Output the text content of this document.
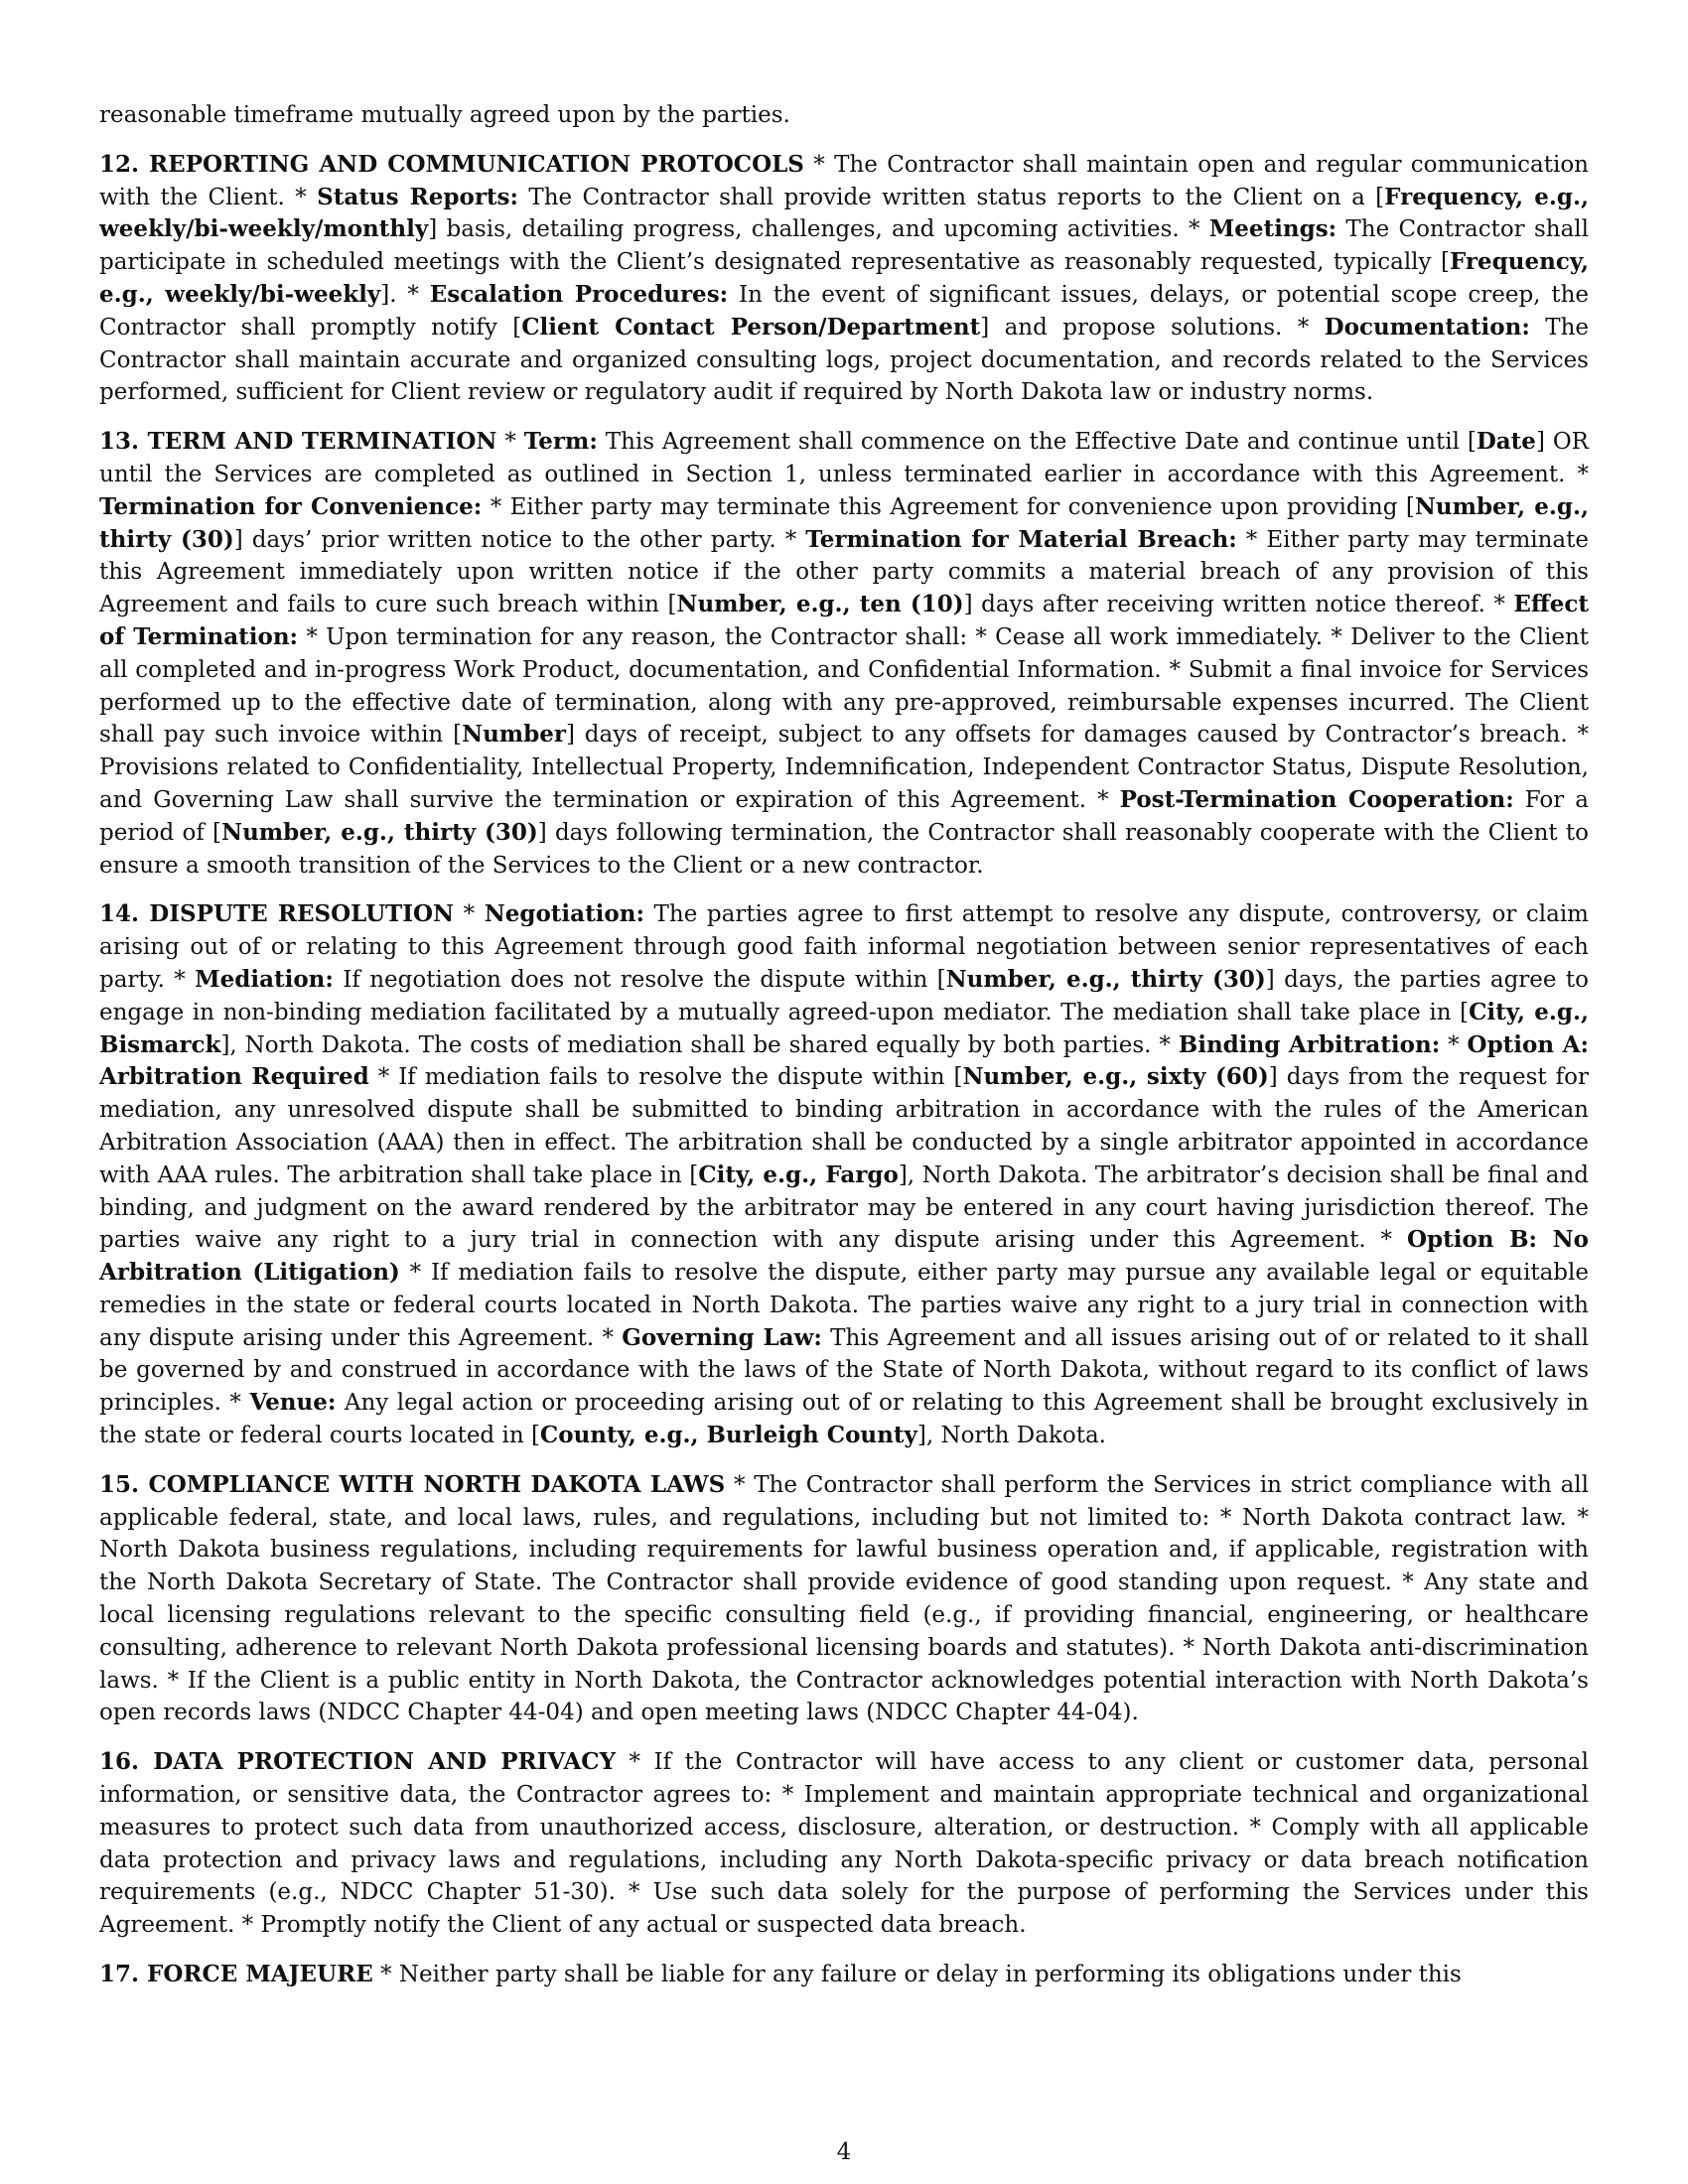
reasonable timeframe mutually agreed upon by the parties.

12. REPORTING AND COMMUNICATION PROTOCOLS * The Contractor shall maintain open and regular communication with the Client. * Status Reports: The Contractor shall provide written status reports to the Client on a [Frequency, e.g., weekly/bi-weekly/monthly] basis, detailing progress, challenges, and upcoming activities. * Meetings: The Contractor shall participate in scheduled meetings with the Client’s designated representative as reasonably requested, typically [Frequency, e.g., weekly/bi-weekly]. * Escalation Procedures: In the event of significant issues, delays, or potential scope creep, the Contractor shall promptly notify [Client Contact Person/Department] and propose solutions. * Documentation: The Contractor shall maintain accurate and organized consulting logs, project documentation, and records related to the Services performed, sufficient for Client review or regulatory audit if required by North Dakota law or industry norms.

13. TERM AND TERMINATION * Term: This Agreement shall commence on the Effective Date and continue until [Date] OR until the Services are completed as outlined in Section 1, unless terminated earlier in accordance with this Agreement. * Termination for Convenience: * Either party may terminate this Agreement for convenience upon providing [Number, e.g., thirty (30)] days’ prior written notice to the other party. * Termination for Material Breach: * Either party may terminate this Agreement immediately upon written notice if the other party commits a material breach of any provision of this Agreement and fails to cure such breach within [Number, e.g., ten (10)] days after receiving written notice thereof. * Effect of Termination: * Upon termination for any reason, the Contractor shall: * Cease all work immediately. * Deliver to the Client all completed and in-progress Work Product, documentation, and Confidential Information. * Submit a final invoice for Services performed up to the effective date of termination, along with any pre-approved, reimbursable expenses incurred. The Client shall pay such invoice within [Number] days of receipt, subject to any offsets for damages caused by Contractor’s breach. * Provisions related to Confidentiality, Intellectual Property, Indemnification, Independent Contractor Status, Dispute Resolution, and Governing Law shall survive the termination or expiration of this Agreement. * Post-Termination Cooperation: For a period of [Number, e.g., thirty (30)] days following termination, the Contractor shall reasonably cooperate with the Client to ensure a smooth transition of the Services to the Client or a new contractor.

14. DISPUTE RESOLUTION * Negotiation: The parties agree to first attempt to resolve any dispute, controversy, or claim arising out of or relating to this Agreement through good faith informal negotiation between senior representatives of each party. * Mediation: If negotiation does not resolve the dispute within [Number, e.g., thirty (30)] days, the parties agree to engage in non-binding mediation facilitated by a mutually agreed-upon mediator. The mediation shall take place in [City, e.g., Bismarck], North Dakota. The costs of mediation shall be shared equally by both parties. * Binding Arbitration: * Option A: Arbitration Required * If mediation fails to resolve the dispute within [Number, e.g., sixty (60)] days from the request for mediation, any unresolved dispute shall be submitted to binding arbitration in accordance with the rules of the American Arbitration Association (AAA) then in effect. The arbitration shall be conducted by a single arbitrator appointed in accordance with AAA rules. The arbitration shall take place in [City, e.g., Fargo], North Dakota. The arbitrator’s decision shall be final and binding, and judgment on the award rendered by the arbitrator may be entered in any court having jurisdiction thereof. The parties waive any right to a jury trial in connection with any dispute arising under this Agreement. * Option B: No Arbitration (Litigation) * If mediation fails to resolve the dispute, either party may pursue any available legal or equitable remedies in the state or federal courts located in North Dakota. The parties waive any right to a jury trial in connection with any dispute arising under this Agreement. * Governing Law: This Agreement and all issues arising out of or related to it shall be governed by and construed in accordance with the laws of the State of North Dakota, without regard to its conflict of laws principles. * Venue: Any legal action or proceeding arising out of or relating to this Agreement shall be brought exclusively in the state or federal courts located in [County, e.g., Burleigh County], North Dakota.

15. COMPLIANCE WITH NORTH DAKOTA LAWS * The Contractor shall perform the Services in strict compliance with all applicable federal, state, and local laws, rules, and regulations, including but not limited to: * North Dakota contract law. * North Dakota business regulations, including requirements for lawful business operation and, if applicable, registration with the North Dakota Secretary of State. The Contractor shall provide evidence of good standing upon request. * Any state and local licensing regulations relevant to the specific consulting field (e.g., if providing financial, engineering, or healthcare consulting, adherence to relevant North Dakota professional licensing boards and statutes). * North Dakota anti-discrimination laws. * If the Client is a public entity in North Dakota, the Contractor acknowledges potential interaction with North Dakota’s open records laws (NDCC Chapter 44-04) and open meeting laws (NDCC Chapter 44-04).

16. DATA PROTECTION AND PRIVACY * If the Contractor will have access to any client or customer data, personal information, or sensitive data, the Contractor agrees to: * Implement and maintain appropriate technical and organizational measures to protect such data from unauthorized access, disclosure, alteration, or destruction. * Comply with all applicable data protection and privacy laws and regulations, including any North Dakota-specific privacy or data breach notification requirements (e.g., NDCC Chapter 51-30). * Use such data solely for the purpose of performing the Services under this Agreement. * Promptly notify the Client of any actual or suspected data breach.

17. FORCE MAJEURE * Neither party shall be liable for any failure or delay in performing its obligations under this

4
